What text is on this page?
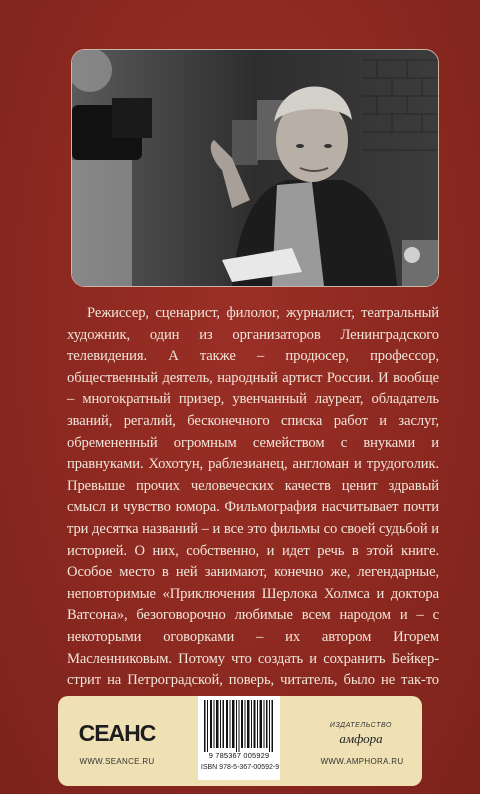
Режиссер, сценарист, филолог, журналист, театральный художник, один из организаторов Ленинградского телевидения. А также – продюсер, профессор, общественный деятель, народный артист России. И вообще – многократный призер, увенчанный лауреат, обладатель званий, регалий, бесконечного списка работ и заслуг, обремененный огромным семейством с внуками и правнуками. Хохотун, раблезианец, англоман и трудоголик. Превыше прочих человеческих качеств ценит здравый смысл и чувство юмора. Фильмография насчитывает почти три десятка названий – и все это фильмы со своей судьбой и историей. О них, собственно, и идет речь в этой книге. Особое место в ней занимают, конечно же, легендарные, неповторимые «Приключения Шерлока Холмса и доктора Ватсона», безоговорочно любимые всем народом и – с некоторыми оговорками – их автором Игорем Масленниковым. Потому что создать и сохранить Бейкер-стрит на Петроградской, поверь, читатель, было не так-то

СЕАНС
WWW.SEANCE.RU
9 785367 005929
ISBN 978-5-367-00592-9
ИЗДАТЕЛЬСТВО
амфора
WWW.AMPHORA.RU
